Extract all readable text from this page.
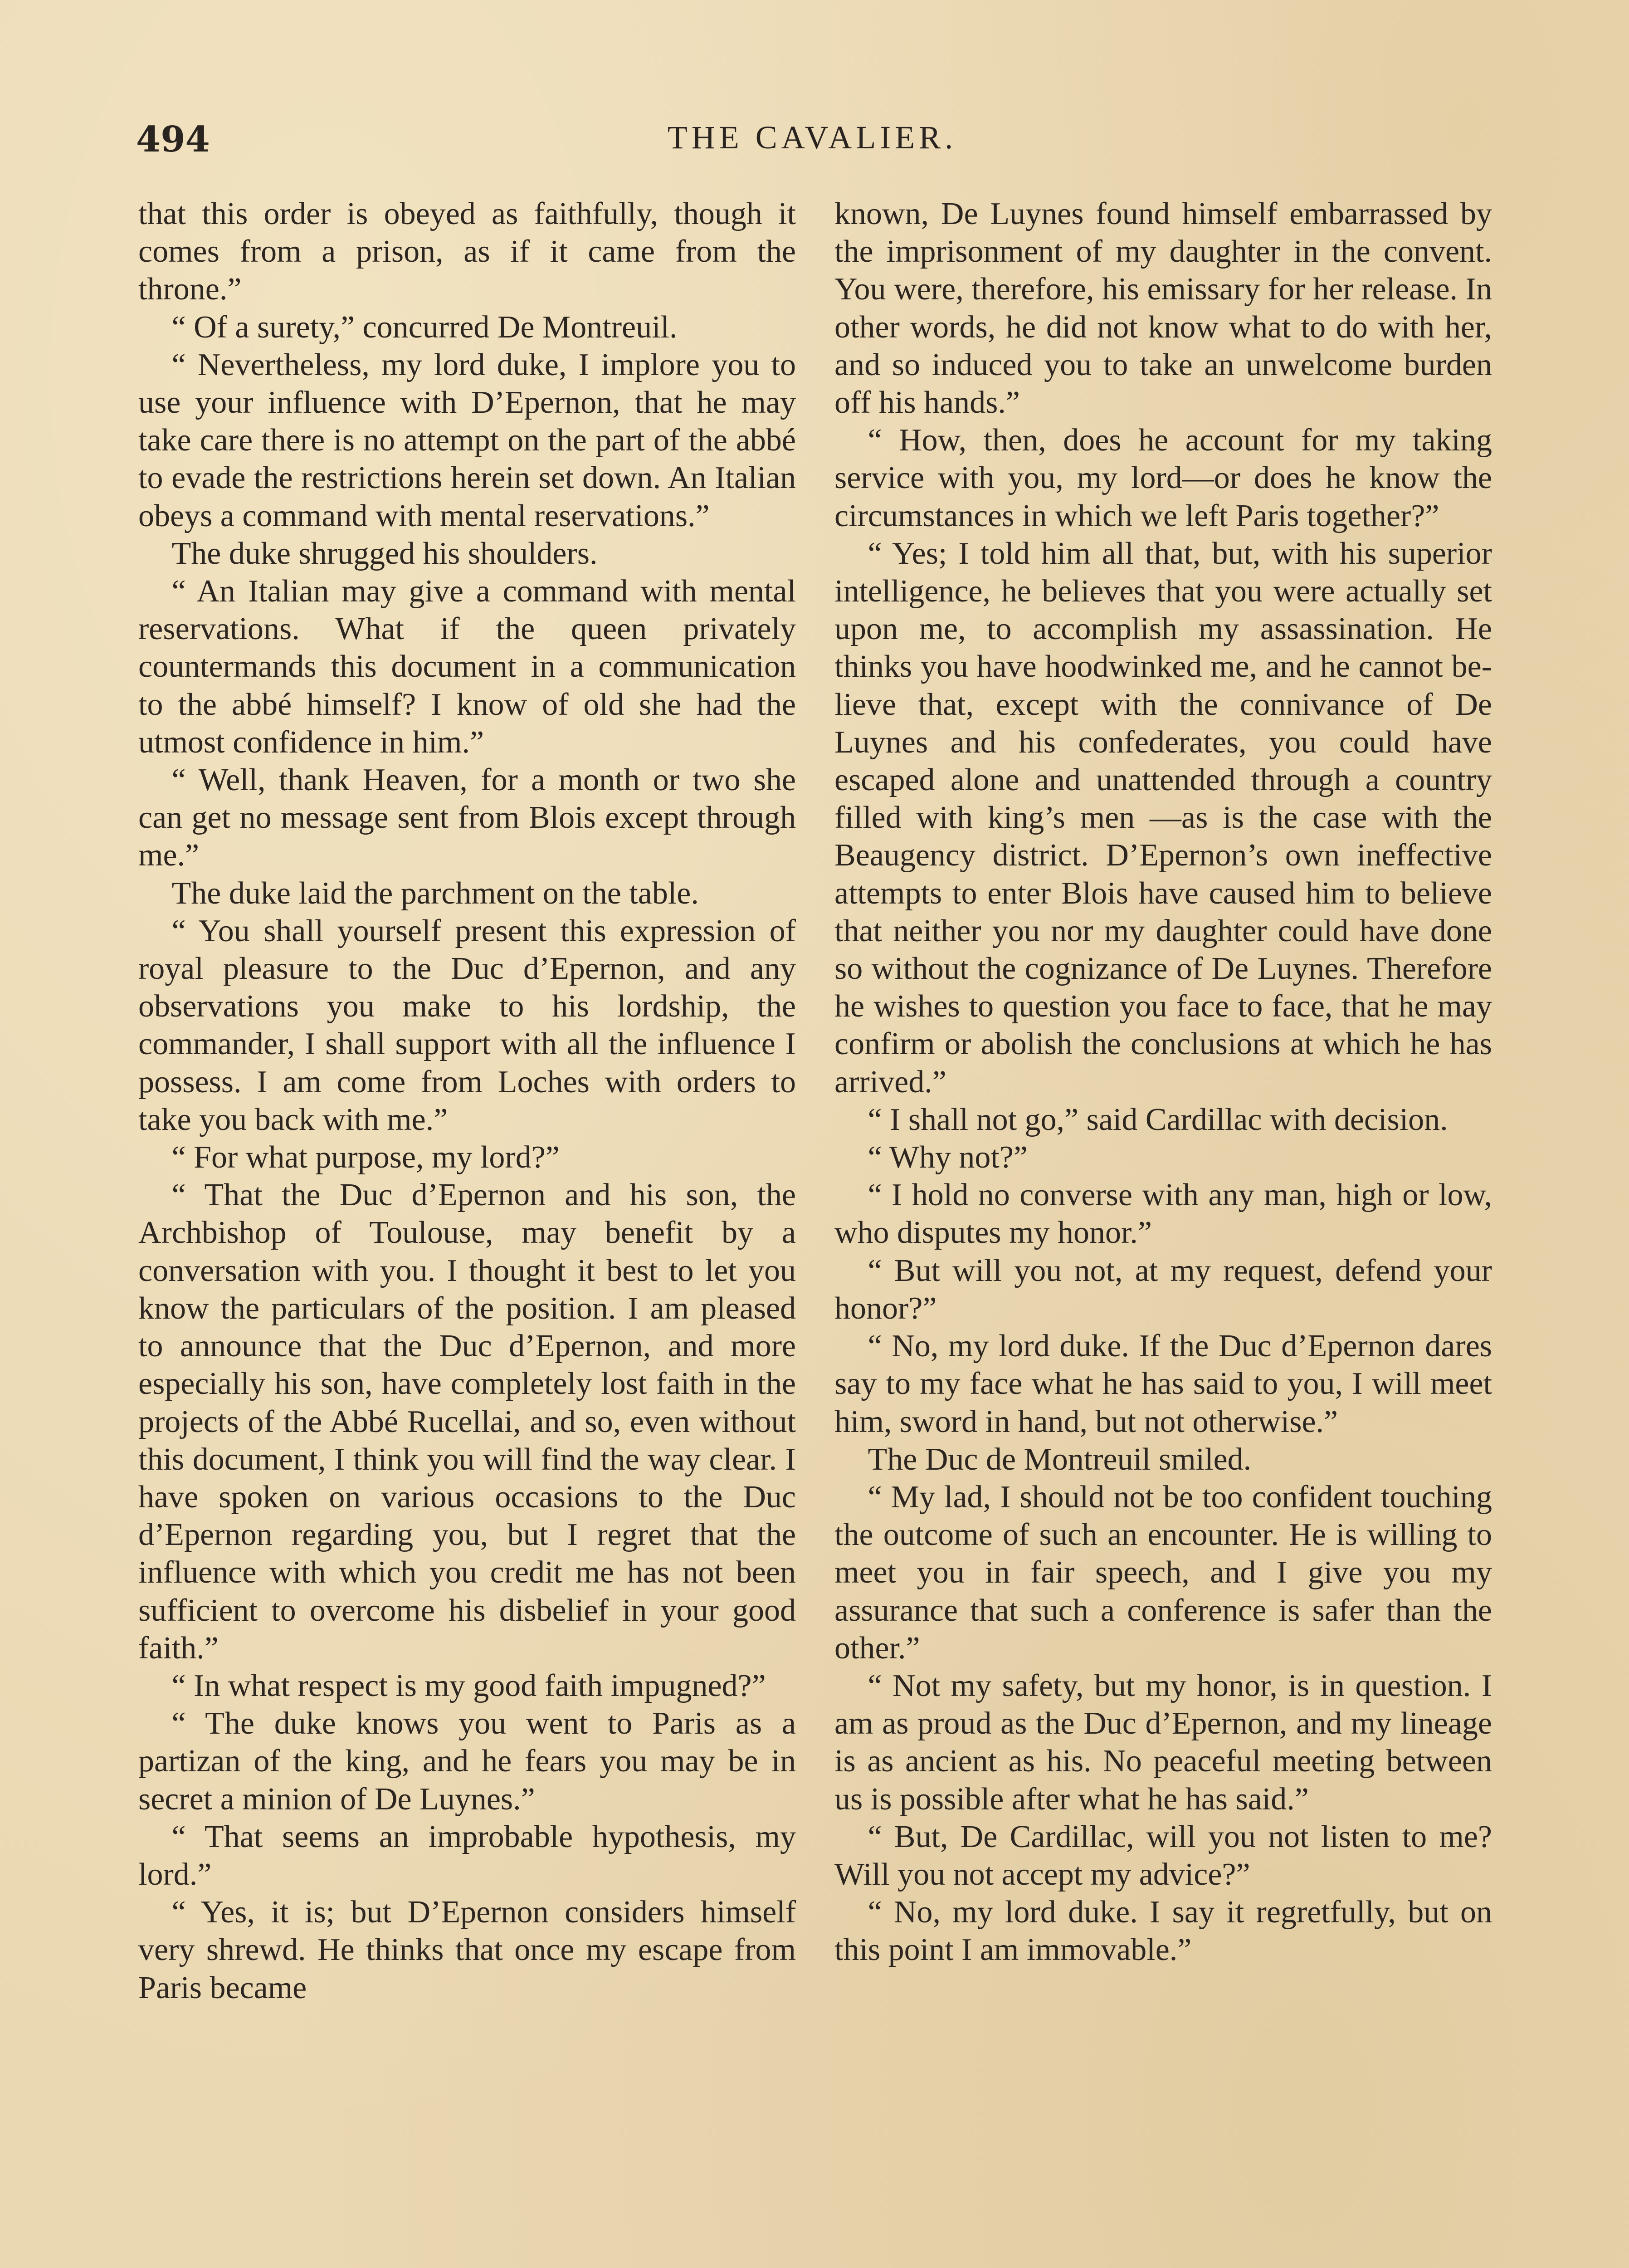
494	THE CAVALIER.

that this order is obeyed as faithfully, though it comes from a prison, as if it came from the throne.”

“ Of a surety,” concurred De Montreuil.

“ Nevertheless, my lord duke, I implore you to use your influence with D’Epernon, that he may take care there is no attempt on the part of the abbé to evade the restrictions herein set down. An Italian obeys a command with mental reservations.”

The duke shrugged his shoulders.

“ An Italian may give a command with mental reservations. What if the queen privately countermands this document in a communication to the abbé himself? I know of old she had the utmost confidence in him.”

“ Well, thank Heaven, for a month or two she can get no message sent from Blois except through me.”

The duke laid the parchment on the table.

“ You shall yourself present this expression of royal pleasure to the Duc d’Epernon, and any observations you make to his lordship, the commander, I shall support with all the influence I possess. I am come from Loches with orders to take you back with me.”

“ For what purpose, my lord?”

“ That the Duc d’Epernon and his son, the Archbishop of Toulouse, may benefit by a conversation with you. I thought it best to let you know the particulars of the position. I am pleased to announce that the Duc d’Epernon, and more especially his son, have completely lost faith in the projects of the Abbé Rucellai, and so, even without this document, I think you will find the way clear. I have spoken on various occasions to the Duc d’Epernon regarding you, but I regret that the influence with which you credit me has not been sufficient to overcome his disbelief in your good faith.”

“ In what respect is my good faith impugned?”

“ The duke knows you went to Paris as a partizan of the king, and he fears you may be in secret a minion of De Luynes.”

“ That seems an improbable hypothesis, my lord.”

“ Yes, it is; but D’Epernon considers himself very shrewd. He thinks that once my escape from Paris became

known, De Luynes found himself embarrassed by the imprisonment of my daughter in the convent. You were, therefore, his emissary for her release. In other words, he did not know what to do with her, and so induced you to take an unwelcome burden off his hands.”

“ How, then, does he account for my taking service with you, my lord—or does he know the circumstances in which we left Paris together?”

“ Yes; I told him all that, but, with his superior intelligence, he believes that you were actually set upon me, to accomplish my assassination. He thinks you have hoodwinked me, and he cannot believe that, except with the connivance of De Luynes and his confederates, you could have escaped alone and unattended through a country filled with king’s men —as is the case with the Beaugency district. D’Epernon’s own ineffective attempts to enter Blois have caused him to believe that neither you nor my daughter could have done so without the cognizance of De Luynes. Therefore he wishes to question you face to face, that he may confirm or abolish the conclusions at which he has arrived.”

“ I shall not go,” said Cardillac with decision.

“ Why not?”

“ I hold no converse with any man, high or low, who disputes my honor.”

“ But will you not, at my request, defend your honor?”

“ No, my lord duke. If the Duc d’Epernon dares say to my face what he has said to you, I will meet him, sword in hand, but not otherwise.”

The Duc de Montreuil smiled.

“ My lad, I should not be too confident touching the outcome of such an encounter. He is willing to meet you in fair speech, and I give you my assurance that such a conference is safer than the other.”

“ Not my safety, but my honor, is in question. I am as proud as the Duc d’Epernon, and my lineage is as ancient as his. No peaceful meeting between us is possible after what he has said.”

“ But, De Cardillac, will you not listen to me? Will you not accept my advice?”

“ No, my lord duke. I say it regretfully, but on this point I am immovable.”
